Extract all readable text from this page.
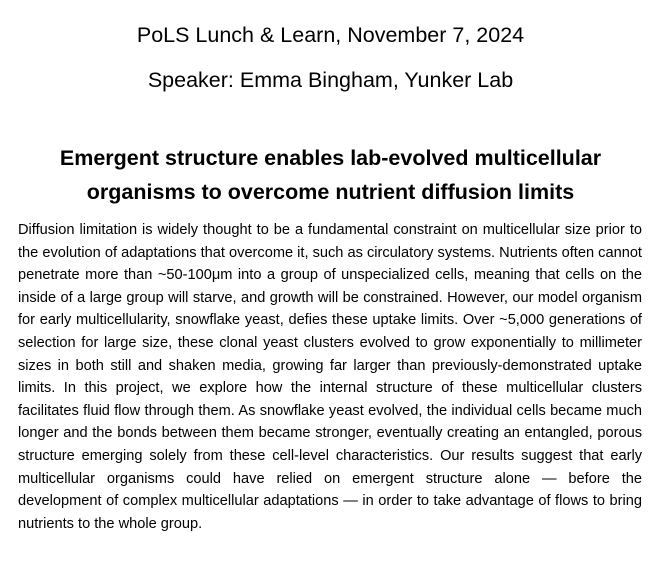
PoLS Lunch & Learn, November 7, 2024
Speaker: Emma Bingham, Yunker Lab
Emergent structure enables lab-evolved multicellular organisms to overcome nutrient diffusion limits

Diffusion limitation is widely thought to be a fundamental constraint on multicellular size prior to the evolution of adaptations that overcome it, such as circulatory systems. Nutrients often cannot penetrate more than ~50-100μm into a group of unspecialized cells, meaning that cells on the inside of a large group will starve, and growth will be constrained. However, our model organism for early multicellularity, snowflake yeast, defies these uptake limits. Over ~5,000 generations of selection for large size, these clonal yeast clusters evolved to grow exponentially to millimeter sizes in both still and shaken media, growing far larger than previously-demonstrated uptake limits. In this project, we explore how the internal structure of these multicellular clusters facilitates fluid flow through them. As snowflake yeast evolved, the individual cells became much longer and the bonds between them became stronger, eventually creating an entangled, porous structure emerging solely from these cell-level characteristics. Our results suggest that early multicellular organisms could have relied on emergent structure alone — before the development of complex multicellular adaptations — in order to take advantage of flows to bring nutrients to the whole group.
